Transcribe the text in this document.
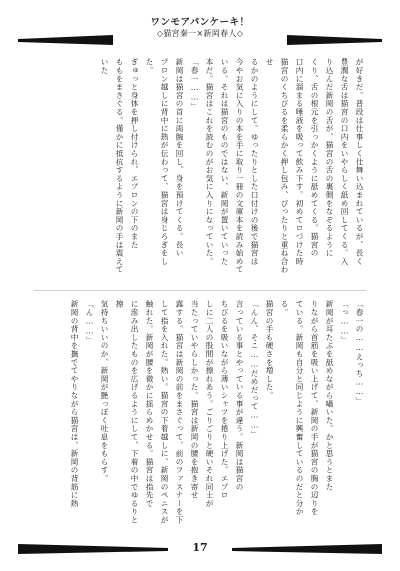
ワンモアパンケーキ！
◇猫宮秦一×新岡春人◇

が好きだ。普段は仕事しく仕舞い込まれているが、長く

豊潤な舌は猫宮の口内をいやらしく舐め回してくる。入

り込んだ新岡の舌が、猫宮の舌の裏側をなぞるように

くり、舌の根元を引っかくように舐めてくる。猫宮の

口内に溜まる唾液を吸って飲み下す。初めてロづけた時

猫宮のくちびるを柔らかく押し包み、ぴったりと重ね合わせ

るかのようにして。ゆったりとした口付けの後で猫宮は

今やお気に入りの本を手に取り一冊の文庫本を読み始めて

いる。それは猫宮のものではない、新岡が置いていった

本だ。猫宮はこれを読むのがお気に入りになっていた。

「春一……」

新岡は猫宮の首に両腕を回し、身を預けてくる。長い

プロン越しに背中に熱が伝わって、猫宮は身じろぎをした。

ぎゅっと身体を押し付けられ、エプロンの下のまた

ももをまさぐる。僅かに抵抗するように新岡の手は震えていた

「春一の……えっち……」

「っ……」

新岡が耳たぶを舐めながら囁いた。かと思うとまた

りながら首筋を吸い上げて、新岡の手が猫宮の胸の辺りを

ている。新岡も自分と同じように興奮しているのだと分かる。

猫宮の手も硬さを増した。

「んん、そこ……だめだって……」

言っている事とやっている事が違う。新岡は猫宮の

ちびるを吸いながら薄いシャツを捲り上げた。エプロ

しに二人の股間が擦れあう。ごりごりと硬いそれ同士が

当たっていやらしかった。猫宮は新岡の腰を抱き寄せ

露する。猫宮は新岡の前をまさぐって、前のファスナーを下

して指を入れた。熱い。猫宮の下着越しに、新岡のペニスが

触れた。新岡が腰を微かに揺らめかせる。猫宮は指先で

に滲み出したものを広げるようにして、下着の中でゆるりと擦

気持ちいいのか、新岡が艶っぽく吐息をもらす。

「ん……」

新岡の背中を撫でてやりながら猫宮は、新岡の背筋に熱

17
